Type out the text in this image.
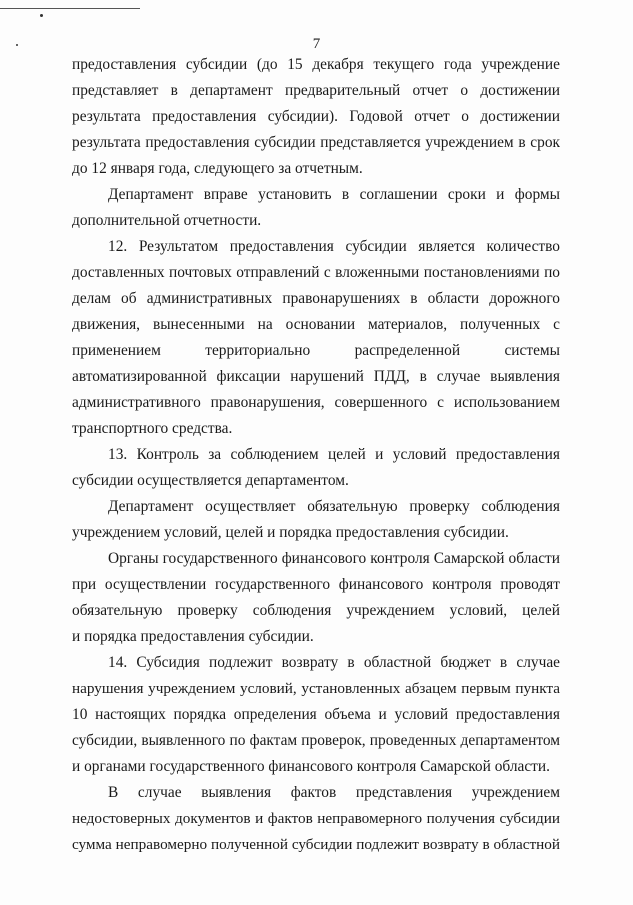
7
предоставления субсидии (до 15 декабря текущего года учреждение
представляет в департамент предварительный отчет о достижении
результата предоставления субсидии). Годовой отчет о достижении
результата предоставления субсидии представляется учреждением в срок
до 12 января года, следующего за отчетным.
Департамент вправе установить в соглашении сроки и формы
дополнительной отчетности.
12. Результатом предоставления субсидии является количество
доставленных почтовых отправлений с вложенными постановлениями по
делам об административных правонарушениях в области дорожного
движения, вынесенными на основании материалов, полученных с
применением территориально распределенной системы
автоматизированной фиксации нарушений ПДД, в случае выявления
административного правонарушения, совершенного с использованием
транспортного средства.
13. Контроль за соблюдением целей и условий предоставления
субсидии осуществляется департаментом.
Департамент осуществляет обязательную проверку соблюдения
учреждением условий, целей и порядка предоставления субсидии.
Органы государственного финансового контроля Самарской области
при осуществлении государственного финансового контроля проводят
обязательную проверку соблюдения учреждением условий, целей
и порядка предоставления субсидии.
14. Субсидия подлежит возврату в областной бюджет в случае
нарушения учреждением условий, установленных абзацем первым пункта
10 настоящих порядка определения объема и условий предоставления
субсидии, выявленного по фактам проверок, проведенных департаментом
и органами государственного финансового контроля Самарской области.
В случае выявления фактов представления учреждением
недостоверных документов и фактов неправомерного получения субсидии
сумма неправомерно полученной субсидии подлежит возврату в областной
